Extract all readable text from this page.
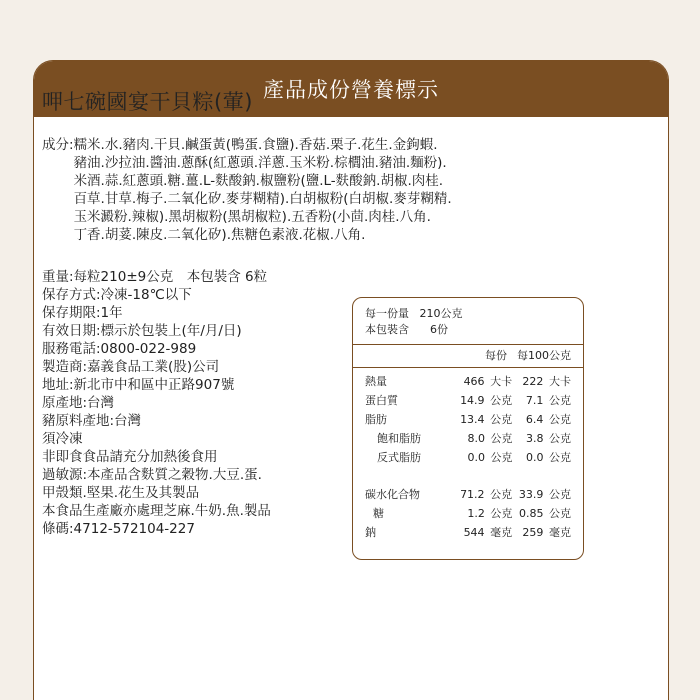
產品成份營養標示
呷七碗國宴干貝粽(葷)
成分: 糯米.水.豬肉.干貝.鹹蛋黃(鴨蛋.食鹽).香菇.栗子.花生.金鉤蝦.
豬油.沙拉油.醬油.蔥酥(紅蔥頭.洋蔥.玉米粉.棕櫚油.豬油.麵粉).
米酒.蒜.紅蔥頭.糖.薑.L-麩酸鈉.椒鹽粉(鹽.L-麩酸鈉.胡椒.肉桂.
百草.甘草.梅子.二氧化矽.麥芽糊精).白胡椒粉(白胡椒.麥芽糊精.
玉米澱粉.辣椒).黑胡椒粉(黑胡椒粒).五香粉(小茴.肉桂.八角.
丁香.胡荽.陳皮.二氧化矽).焦糖色素液.花椒.八角.
重量:每粒210±9公克　本包裝含 6粒
保存方式:冷凍-18℃以下
保存期限:1年
有效日期:標示於包裝上(年/月/日)
服務電話:0800-022-989
製造商:嘉義食品工業(股)公司
地址:新北市中和區中正路907號
原產地:台灣
豬原料產地:台灣
須冷凍
非即食食品請充分加熱後食用
過敏源:本產品含麩質之穀物.大豆.蛋.
甲殼類.堅果.花生及其製品
本食品生產廠亦處理芝麻.牛奶.魚.製品
條碼:4712-572104-227
每一份量 210公克
本包裝含 6份
每份 每100公克
熱量	466 大卡 222 大卡
蛋白質	14.9 公克	7.1 公克
脂肪	13.4 公克	6.4 公克
飽和脂肪	8.0 公克	3.8 公克
反式脂肪	0.0 公克	0.0 公克
碳水化合物	71.2 公克 33.9 公克
糖	1.2 公克 0.85 公克
鈉	544 毫克 259 毫克
